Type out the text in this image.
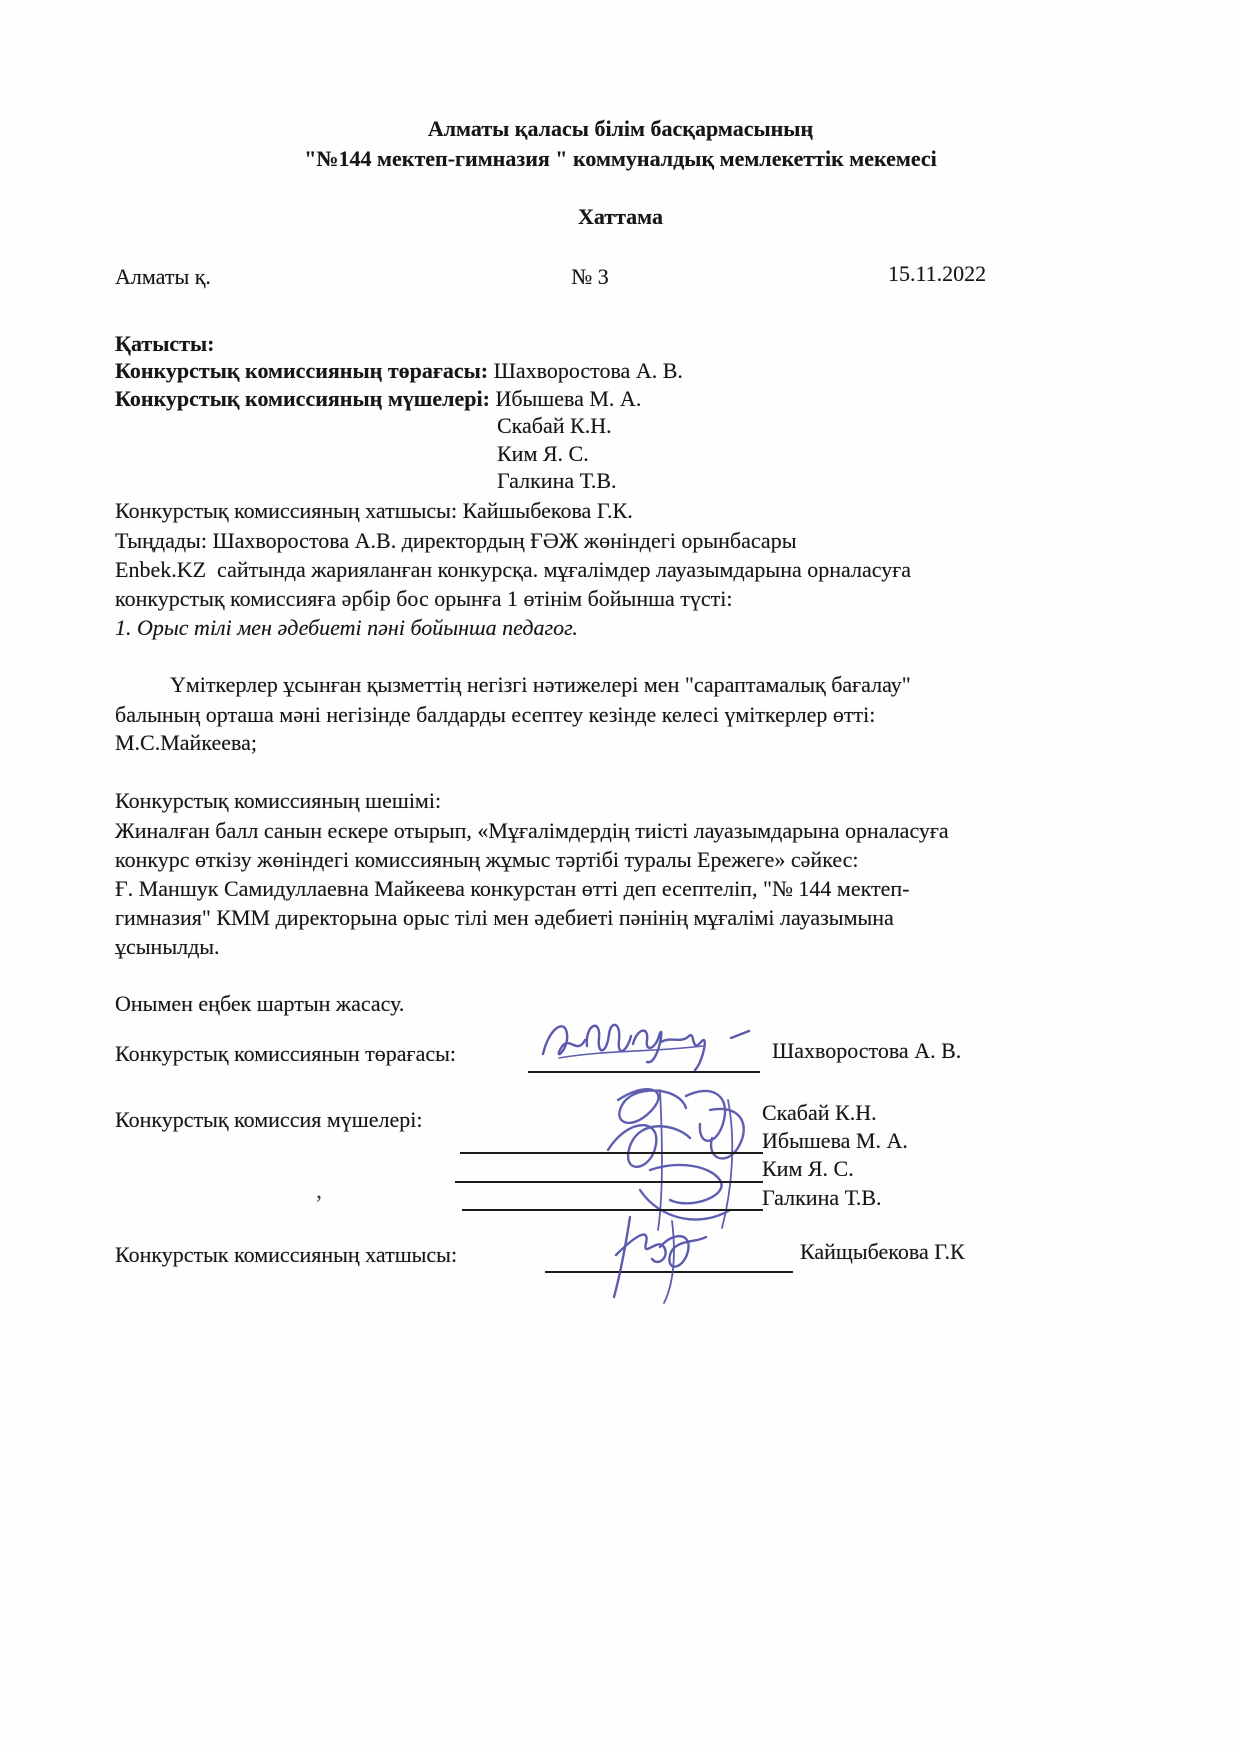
Алматы қаласы білім басқармасының
"№144 мектеп-гимназия " коммуналдық мемлекеттік мекемесі
Хаттама
Алматы қ.	№ 3	15.11.2022
Қатысты:
Конкурстық комиссияның төрағасы: Шахворостова А. В.
Конкурстық комиссияның мүшелері: Ибышева М. А.
Скабай К.Н.
Ким Я. С.
Галкина Т.В.
Конкурстық комиссияның хатшысы: Кайшыбекова Г.К.
Тыңдады: Шахворостова А.В. директордың ҒӘЖ жөніндегі орынбасары
Enbek.KZ  сайтында жарияланған конкурсқа. мұғалімдер лауазымдарына орналасуға
конкурстық комиссияға әрбір бос орынға 1 өтінім бойынша түсті:
1. Орыс тілі мен әдебиеті пәні бойынша педагог.
Үміткерлер ұсынған қызметтің негізгі нәтижелері мен "сараптамалық бағалау"
балының орташа мәні негізінде балдарды есептеу кезінде келесі үміткерлер өтті:
М.С.Майкеева;
Конкурстық комиссияның шешімі:
Жиналған балл санын ескере отырып, «Мұғалімдердің тиісті лауазымдарына орналасуға
конкурс өткізу жөніндегі комиссияның жұмыс тәртібі туралы Ережеге» сәйкес:
Ғ. Маншук Самидуллаевна Майкеева конкурстан өтті деп есептеліп, "№ 144 мектеп-
гимназия" КММ директорына орыс тілі мен әдебиеті пәнінің мұғалімі лауазымына
ұсынылды.
Онымен еңбек шартын жасасу.
Конкурстық комиссиянын төрағасы:	Шахворостова А. В.
Конкурстық комиссия мүшелері:	Скабай К.Н.
Ибышева М. А.
Ким Я. С.
Галкина Т.В.
,
Конкурстык комиссияның хатшысы:	Кайщыбекова Г.К
